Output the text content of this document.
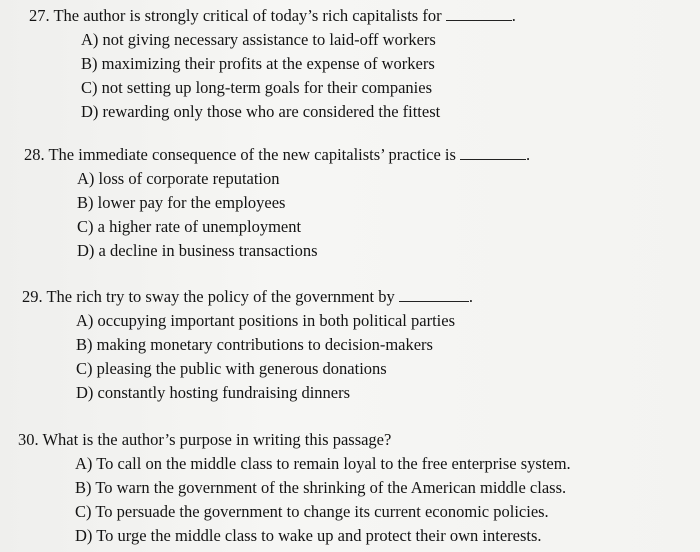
27. The author is strongly critical of today’s rich capitalists for	.
A) not giving necessary assistance to laid-off workers
B) maximizing their profits at the expense of workers
C) not setting up long-term goals for their companies
D) rewarding only those who are considered the fittest
28. The immediate consequence of the new capitalists’ practice is	.
A) loss of corporate reputation
B) lower pay for the employees
C) a higher rate of unemployment
D) a decline in business transactions
29. The rich try to sway the policy of the government by	.
A) occupying important positions in both political parties
B) making monetary contributions to decision-makers
C) pleasing the public with generous donations
D) constantly hosting fundraising dinners
30. What is the author’s purpose in writing this passage?
A) To call on the middle class to remain loyal to the free enterprise system.
B) To warn the government of the shrinking of the American middle class.
C) To persuade the government to change its current economic policies.
D) To urge the middle class to wake up and protect their own interests.
